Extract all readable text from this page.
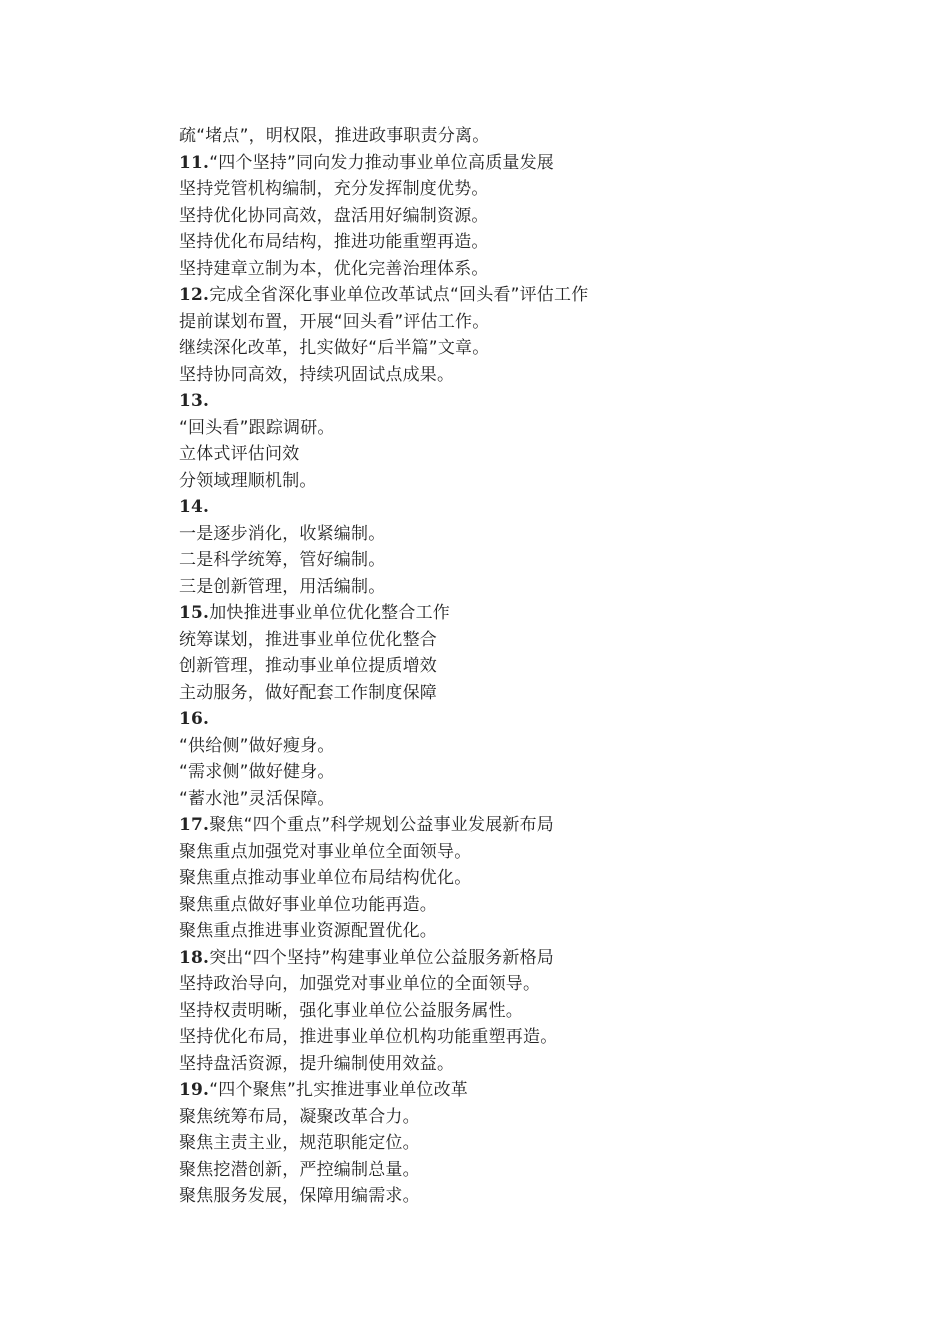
疏“堵点”，明权限，推进政事职责分离。
11.“四个坚持”同向发力推动事业单位高质量发展
坚持党管机构编制，充分发挥制度优势。
坚持优化协同高效，盘活用好编制资源。
坚持优化布局结构，推进功能重塑再造。
坚持建章立制为本，优化完善治理体系。
12.完成全省深化事业单位改革试点“回头看”评估工作
提前谋划布置，开展“回头看”评估工作。
继续深化改革，扎实做好“后半篇”文章。
坚持协同高效，持续巩固试点成果。
13.
“回头看”跟踪调研。
立体式评估问效
分领域理顺机制。
14.
一是逐步消化，收紧编制。
二是科学统筹，管好编制。
三是创新管理，用活编制。
15.加快推进事业单位优化整合工作
统筹谋划，推进事业单位优化整合
创新管理，推动事业单位提质增效
主动服务，做好配套工作制度保障
16.
“供给侧”做好瘦身。
“需求侧”做好健身。
“蓄水池”灵活保障。
17.聚焦“四个重点”科学规划公益事业发展新布局
聚焦重点加强党对事业单位全面领导。
聚焦重点推动事业单位布局结构优化。
聚焦重点做好事业单位功能再造。
聚焦重点推进事业资源配置优化。
18.突出“四个坚持”构建事业单位公益服务新格局
坚持政治导向，加强党对事业单位的全面领导。
坚持权责明晰，强化事业单位公益服务属性。
坚持优化布局，推进事业单位机构功能重塑再造。
坚持盘活资源，提升编制使用效益。
19.“四个聚焦”扎实推进事业单位改革
聚焦统筹布局，凝聚改革合力。
聚焦主责主业，规范职能定位。
聚焦挖潜创新，严控编制总量。
聚焦服务发展，保障用编需求。
